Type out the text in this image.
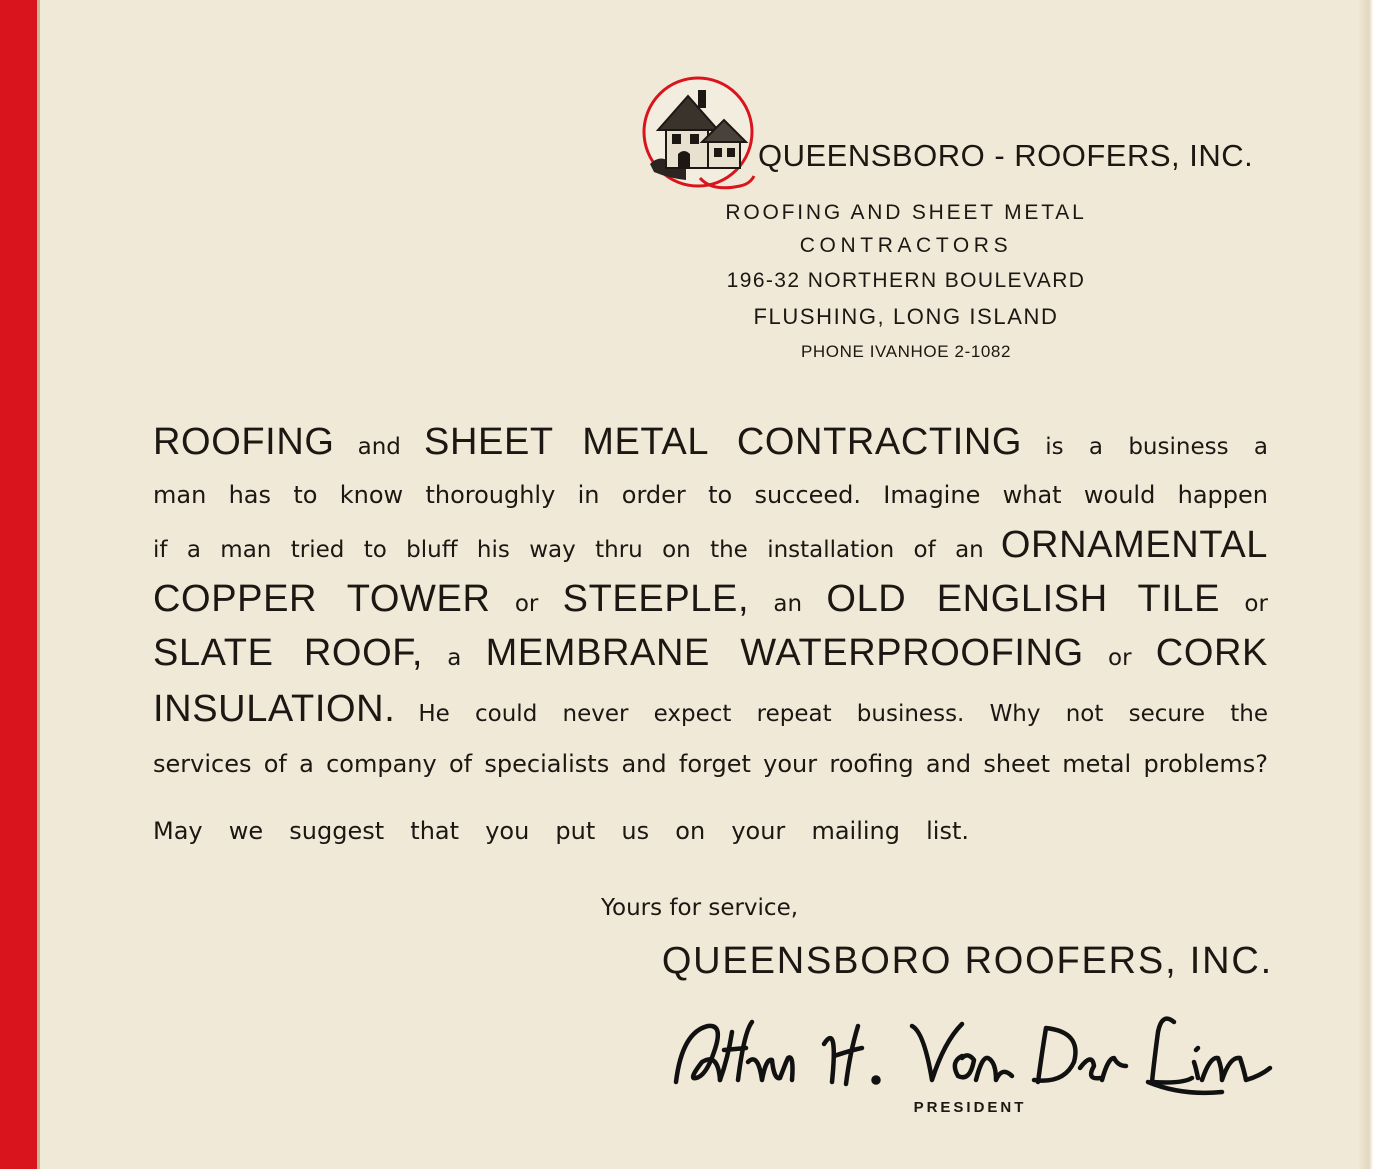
QUEENSBORO - ROOFERS, INC.
ROOFING AND SHEET METAL
CONTRACTORS
196-32 NORTHERN BOULEVARD
FLUSHING, LONG ISLAND
PHONE IVANHOE 2-1082
ROOFING and SHEET METAL CONTRACTING is a business a
man has to know thoroughly in order to succeed. Imagine what would happen
if a man tried to bluff his way thru on the installation of an ORNAMENTAL
COPPER TOWER or STEEPLE, an OLD ENGLISH TILE or
SLATE ROOF, a MEMBRANE WATERPROOFING or CORK
INSULATION. He could never expect repeat business. Why not secure the
services of a company of specialists and forget your roofing and sheet metal problems?
May we suggest that you put us on your mailing list.
Yours for service,
QUEENSBORO ROOFERS, INC.
PRESIDENT
